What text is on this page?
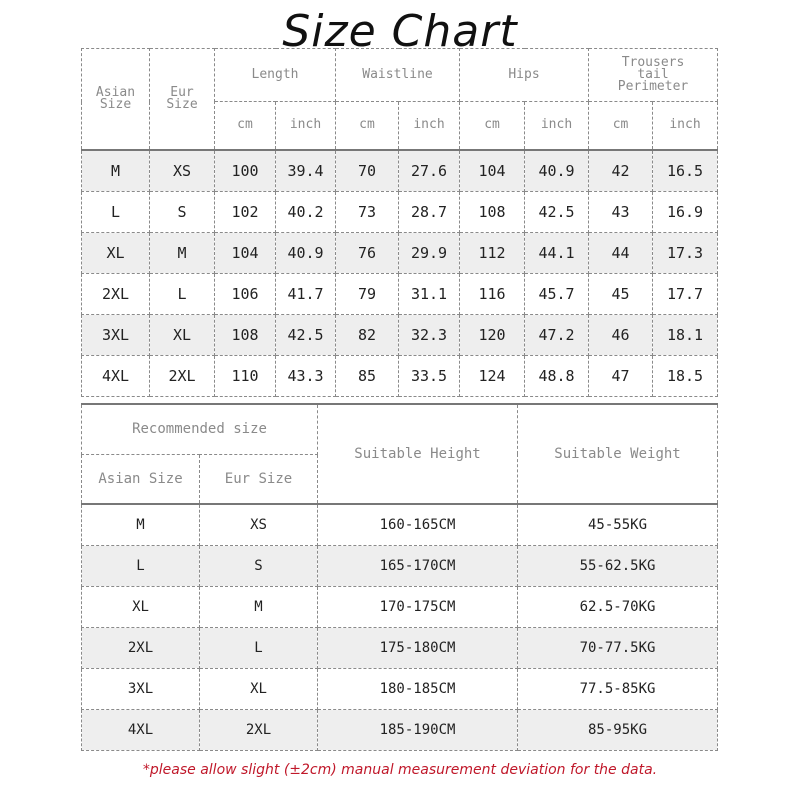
Size Chart
Asian Size	Eur Size	Length		Waistline		Hips		Trousers tail Perimeter	
		cm	inch	cm	inch	cm	inch	cm	inch
M	XS	100	39.4	70	27.6	104	40.9	42	16.5
L	S	102	40.2	73	28.7	108	42.5	43	16.9
XL	M	104	40.9	76	29.9	112	44.1	44	17.3
2XL	L	106	41.7	79	31.1	116	45.7	45	17.7
3XL	XL	108	42.5	82	32.3	120	47.2	46	18.1
4XL	2XL	110	43.3	85	33.5	124	48.8	47	18.5
Recommended size		Suitable Height	Suitable Weight
Asian Size	Eur Size		
M	XS	160-165CM	45-55KG
L	S	165-170CM	55-62.5KG
XL	M	170-175CM	62.5-70KG
2XL	L	175-180CM	70-77.5KG
3XL	XL	180-185CM	77.5-85KG
4XL	2XL	185-190CM	85-95KG
*please allow slight (±2cm) manual measurement deviation for the data.
